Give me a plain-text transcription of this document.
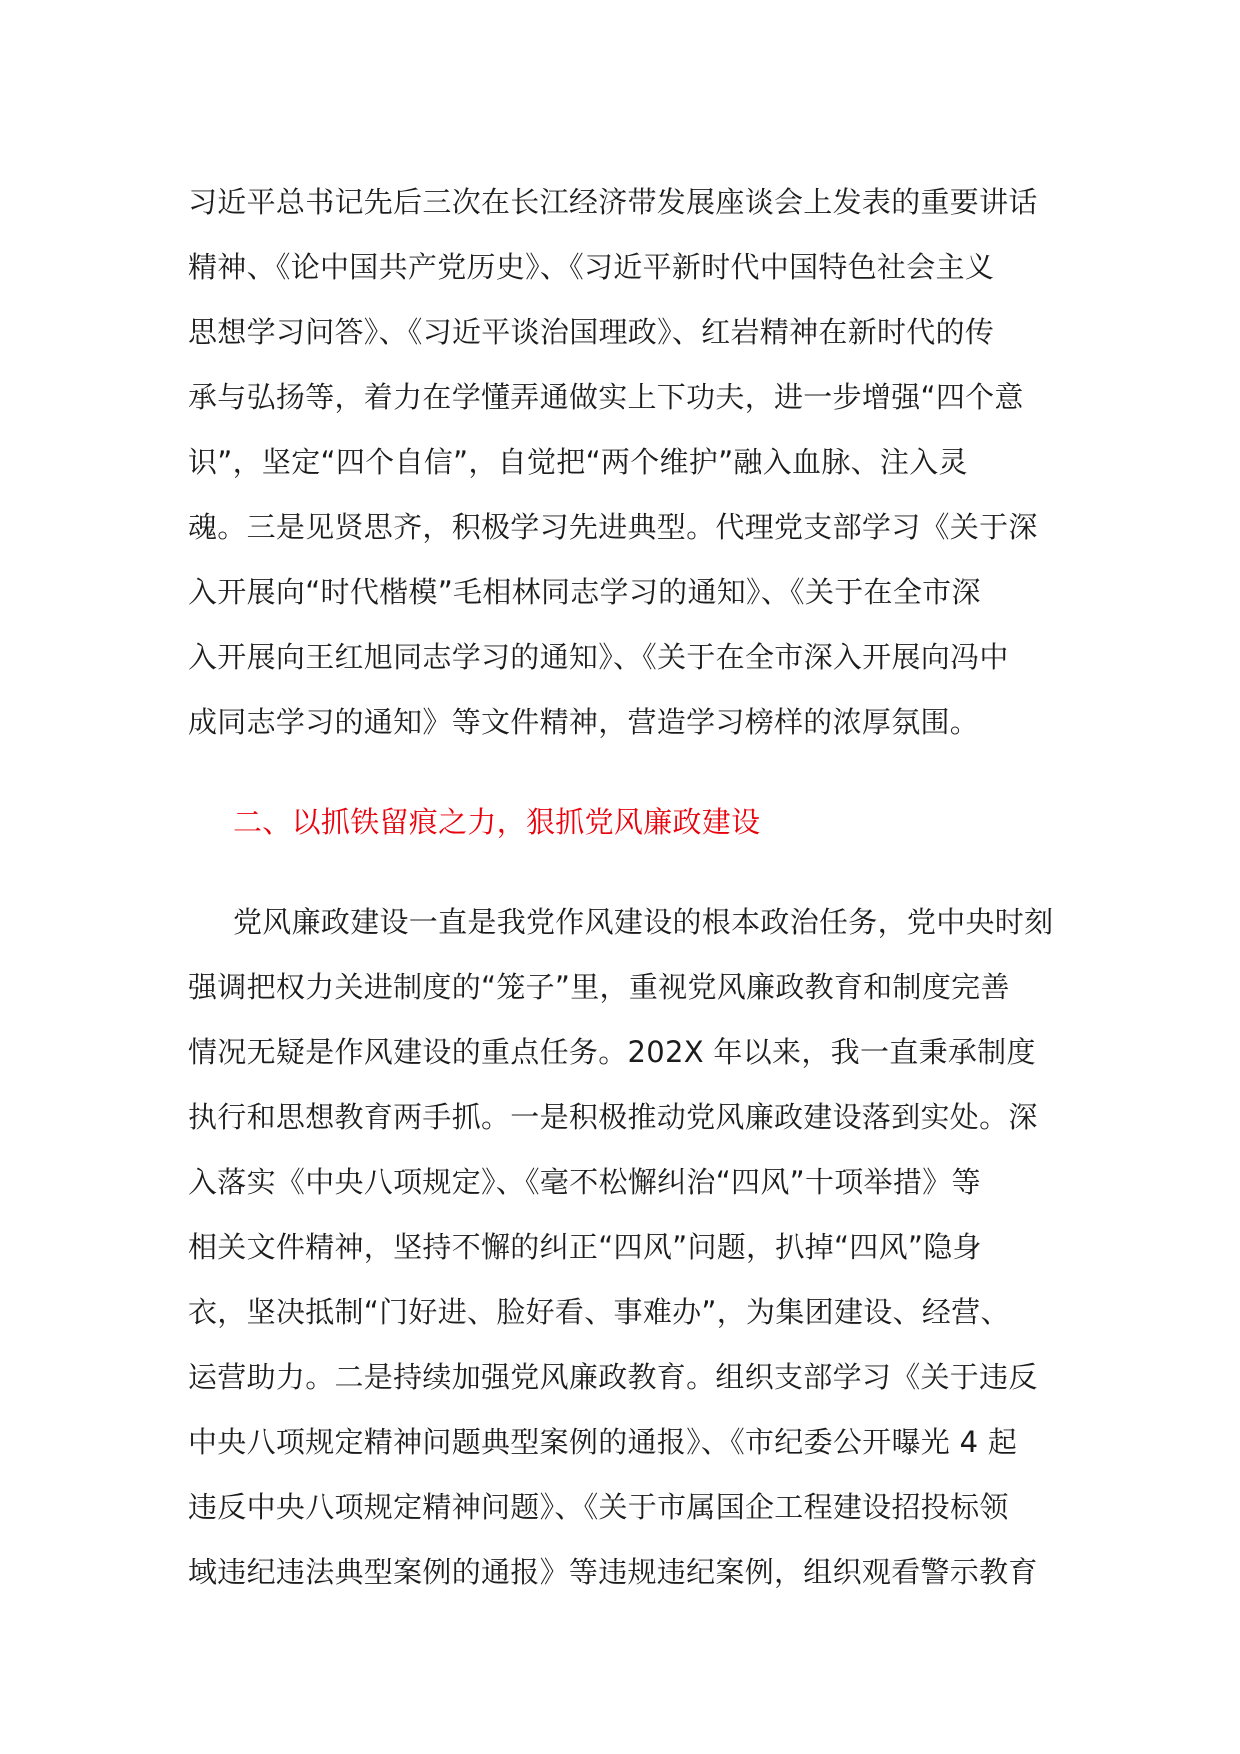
习近平总书记先后三次在长江经济带发展座谈会上发表的重要讲话
精神、《论中国共产党历史》、《习近平新时代中国特色社会主义
思想学习问答》、《习近平谈治国理政》、红岩精神在新时代的传
承与弘扬等，着力在学懂弄通做实上下功夫，进一步增强“四个意
识”，坚定“四个自信”，自觉把“两个维护”融入血脉、注入灵
魂。三是见贤思齐，积极学习先进典型。代理党支部学习《关于深
入开展向“时代楷模”毛相林同志学习的通知》、《关于在全市深
入开展向王红旭同志学习的通知》、《关于在全市深入开展向冯中
成同志学习的通知》等文件精神，营造学习榜样的浓厚氛围。
二、以抓铁留痕之力，狠抓党风廉政建设
党风廉政建设一直是我党作风建设的根本政治任务，党中央时刻
强调把权力关进制度的“笼子”里，重视党风廉政教育和制度完善
情况无疑是作风建设的重点任务。202X 年以来，我一直秉承制度
执行和思想教育两手抓。一是积极推动党风廉政建设落到实处。深
入落实《中央八项规定》、《毫不松懈纠治“四风”十项举措》等
相关文件精神，坚持不懈的纠正“四风”问题，扒掉“四风”隐身
衣，坚决抵制“门好进、脸好看、事难办”，为集团建设、经营、
运营助力。二是持续加强党风廉政教育。组织支部学习《关于违反
中央八项规定精神问题典型案例的通报》、《市纪委公开曝光 4 起
违反中央八项规定精神问题》、《关于市属国企工程建设招投标领
域违纪违法典型案例的通报》等违规违纪案例，组织观看警示教育
